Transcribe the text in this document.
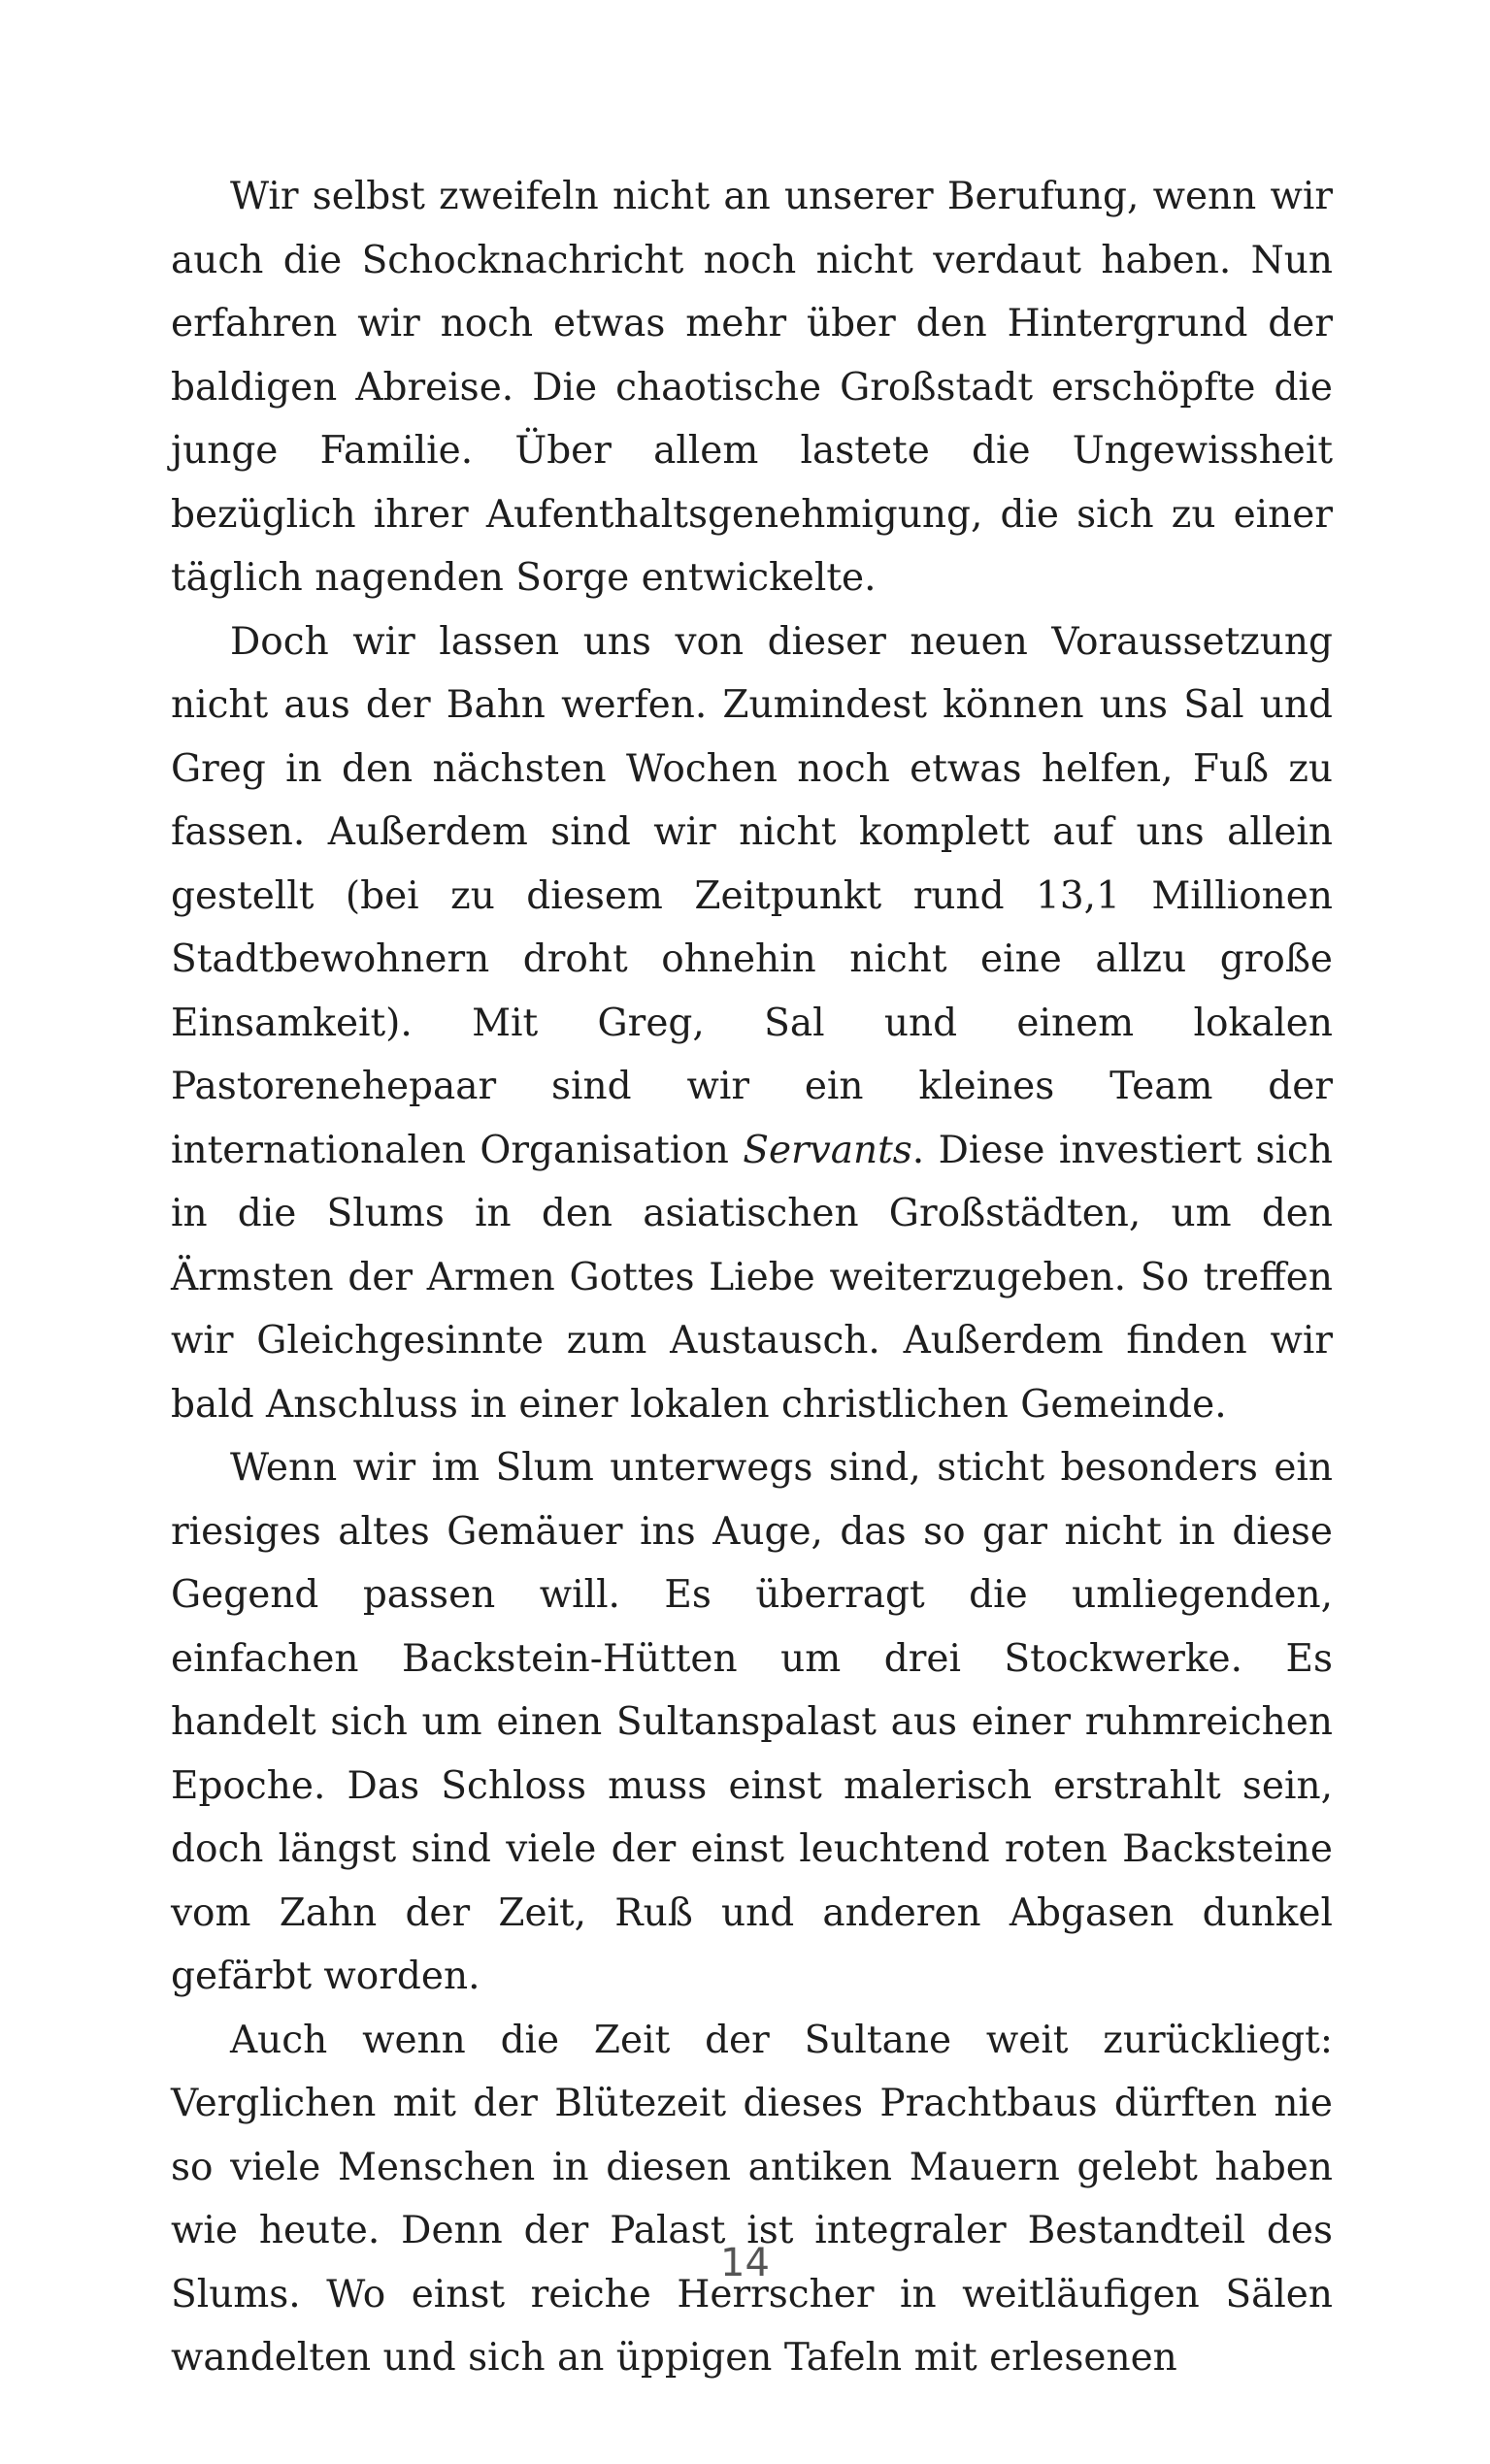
Wir selbst zweifeln nicht an unserer Berufung, wenn wir auch die Schocknachricht noch nicht verdaut haben. Nun erfahren wir noch etwas mehr über den Hintergrund der baldigen Abreise. Die chaotische Großstadt erschöpfte die junge Familie. Über allem lastete die Ungewissheit bezüglich ihrer Aufenthaltsgenehmigung, die sich zu einer täglich nagenden Sorge entwickelte.

Doch wir lassen uns von dieser neuen Voraussetzung nicht aus der Bahn werfen. Zumindest können uns Sal und Greg in den nächsten Wochen noch etwas helfen, Fuß zu fassen. Außerdem sind wir nicht komplett auf uns allein gestellt (bei zu diesem Zeitpunkt rund 13,1 Millionen Stadtbewohnern droht ohnehin nicht eine allzu große Einsamkeit). Mit Greg, Sal und einem lokalen Pastorenehepaar sind wir ein kleines Team der internationalen Organisation Servants. Diese investiert sich in die Slums in den asiatischen Großstädten, um den Ärmsten der Armen Gottes Liebe weiterzugeben. So treffen wir Gleichgesinnte zum Austausch. Außerdem finden wir bald Anschluss in einer lokalen christlichen Gemeinde.

Wenn wir im Slum unterwegs sind, sticht besonders ein riesiges altes Gemäuer ins Auge, das so gar nicht in diese Gegend passen will. Es überragt die umliegenden, einfachen Backstein-Hütten um drei Stockwerke. Es handelt sich um einen Sultanspalast aus einer ruhmreichen Epoche. Das Schloss muss einst malerisch erstrahlt sein, doch längst sind viele der einst leuchtend roten Backsteine vom Zahn der Zeit, Ruß und anderen Abgasen dunkel gefärbt worden.

Auch wenn die Zeit der Sultane weit zurückliegt: Verglichen mit der Blütezeit dieses Prachtbaus dürften nie so viele Menschen in diesen antiken Mauern gelebt haben wie heute. Denn der Palast ist integraler Bestandteil des Slums. Wo einst reiche Herrscher in weitläufigen Sälen wandelten und sich an üppigen Tafeln mit erlesenen

14
